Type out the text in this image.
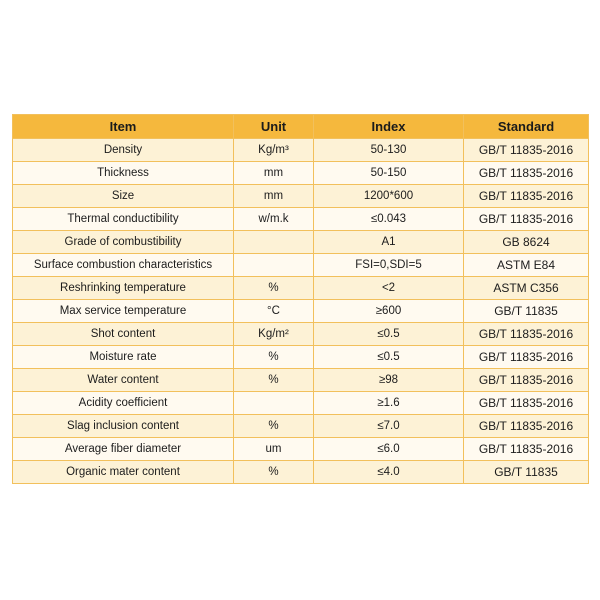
Item	Unit	Index	Standard
Density	Kg/m³	50-130	GB/T 11835-2016
Thickness	mm	50-150	GB/T 11835-2016
Size	mm	1200*600	GB/T 11835-2016
Thermal conductibility	w/m.k	≤0.043	GB/T 11835-2016
Grade of combustibility		A1	GB 8624
Surface combustion characteristics		FSI=0,SDI=5	ASTM E84
Reshrinking temperature	%	<2	ASTM C356
Max service temperature	°C	≥600	GB/T 11835
Shot content	Kg/m²	≤0.5	GB/T 11835-2016
Moisture rate	%	≤0.5	GB/T 11835-2016
Water content	%	≥98	GB/T 11835-2016
Acidity coefficient		≥1.6	GB/T 11835-2016
Slag inclusion content	%	≤7.0	GB/T 11835-2016
Average fiber diameter	um	≤6.0	GB/T 11835-2016
Organic mater content	%	≤4.0	GB/T 11835
